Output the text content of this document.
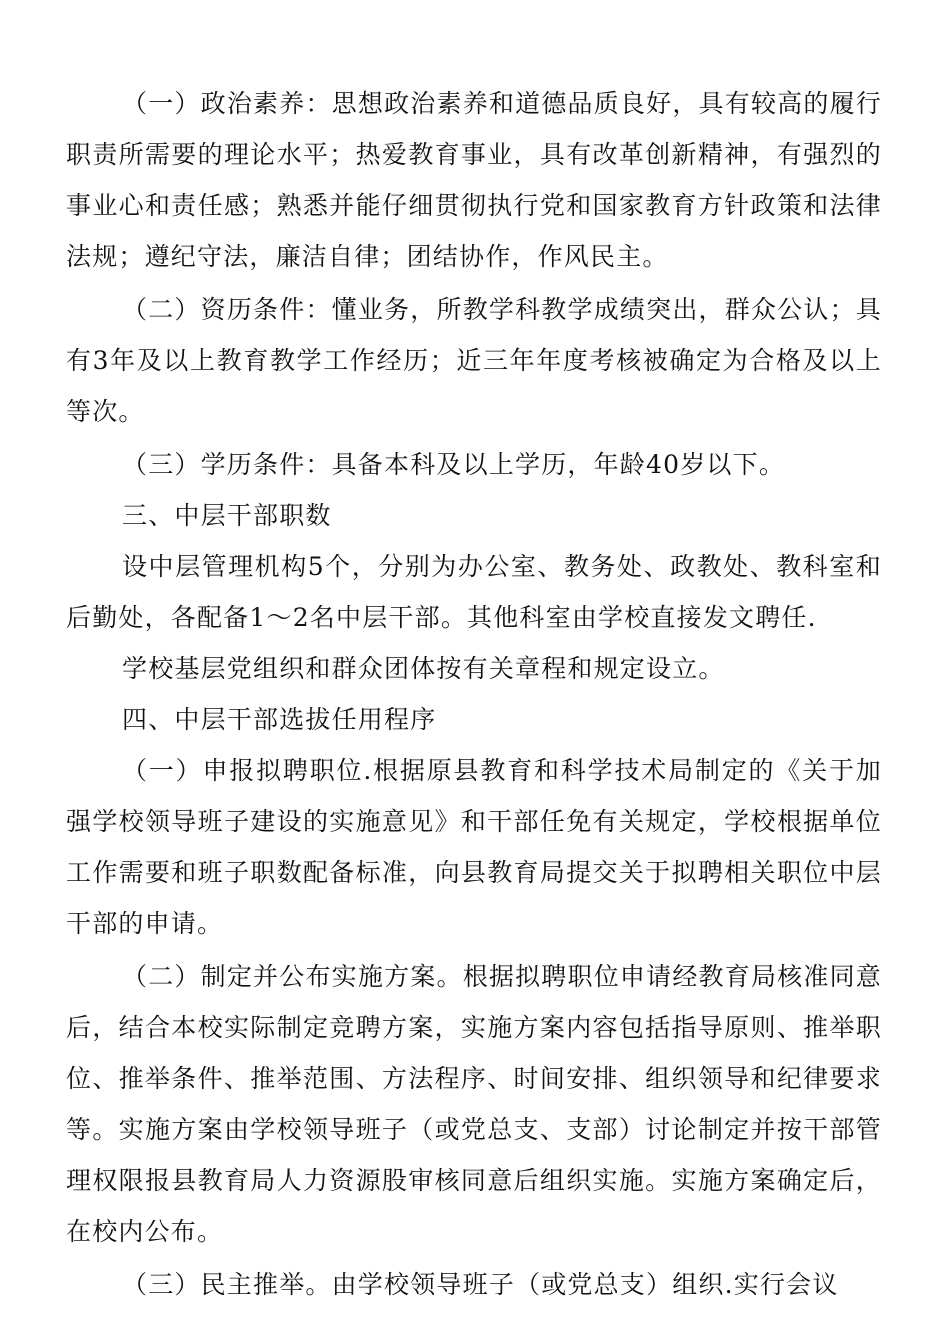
（一）政治素养：思想政治素养和道德品质良好，具有较高的履行职责所需要的理论水平；热爱教育事业，具有改革创新精神，有强烈的事业心和责任感；熟悉并能仔细贯彻执行党和国家教育方针政策和法律法规；遵纪守法，廉洁自律；团结协作，作风民主。

（二）资历条件：懂业务，所教学科教学成绩突出，群众公认；具有3年及以上教育教学工作经历；近三年年度考核被确定为合格及以上等次。

（三）学历条件：具备本科及以上学历，年龄40岁以下。

三、中层干部职数

设中层管理机构5个，分别为办公室、教务处、政教处、教科室和后勤处，各配备1～2名中层干部。其他科室由学校直接发文聘任.

学校基层党组织和群众团体按有关章程和规定设立。

四、中层干部选拔任用程序

（一）申报拟聘职位.根据原县教育和科学技术局制定的《关于加强学校领导班子建设的实施意见》和干部任免有关规定，学校根据单位工作需要和班子职数配备标准，向县教育局提交关于拟聘相关职位中层干部的申请。

（二）制定并公布实施方案。根据拟聘职位申请经教育局核准同意后，结合本校实际制定竞聘方案，实施方案内容包括指导原则、推举职位、推举条件、推举范围、方法程序、时间安排、组织领导和纪律要求等。实施方案由学校领导班子（或党总支、支部）讨论制定并按干部管理权限报县教育局人力资源股审核同意后组织实施。实施方案确定后，在校内公布。

（三）民主推举。由学校领导班子（或党总支）组织.实行会议
